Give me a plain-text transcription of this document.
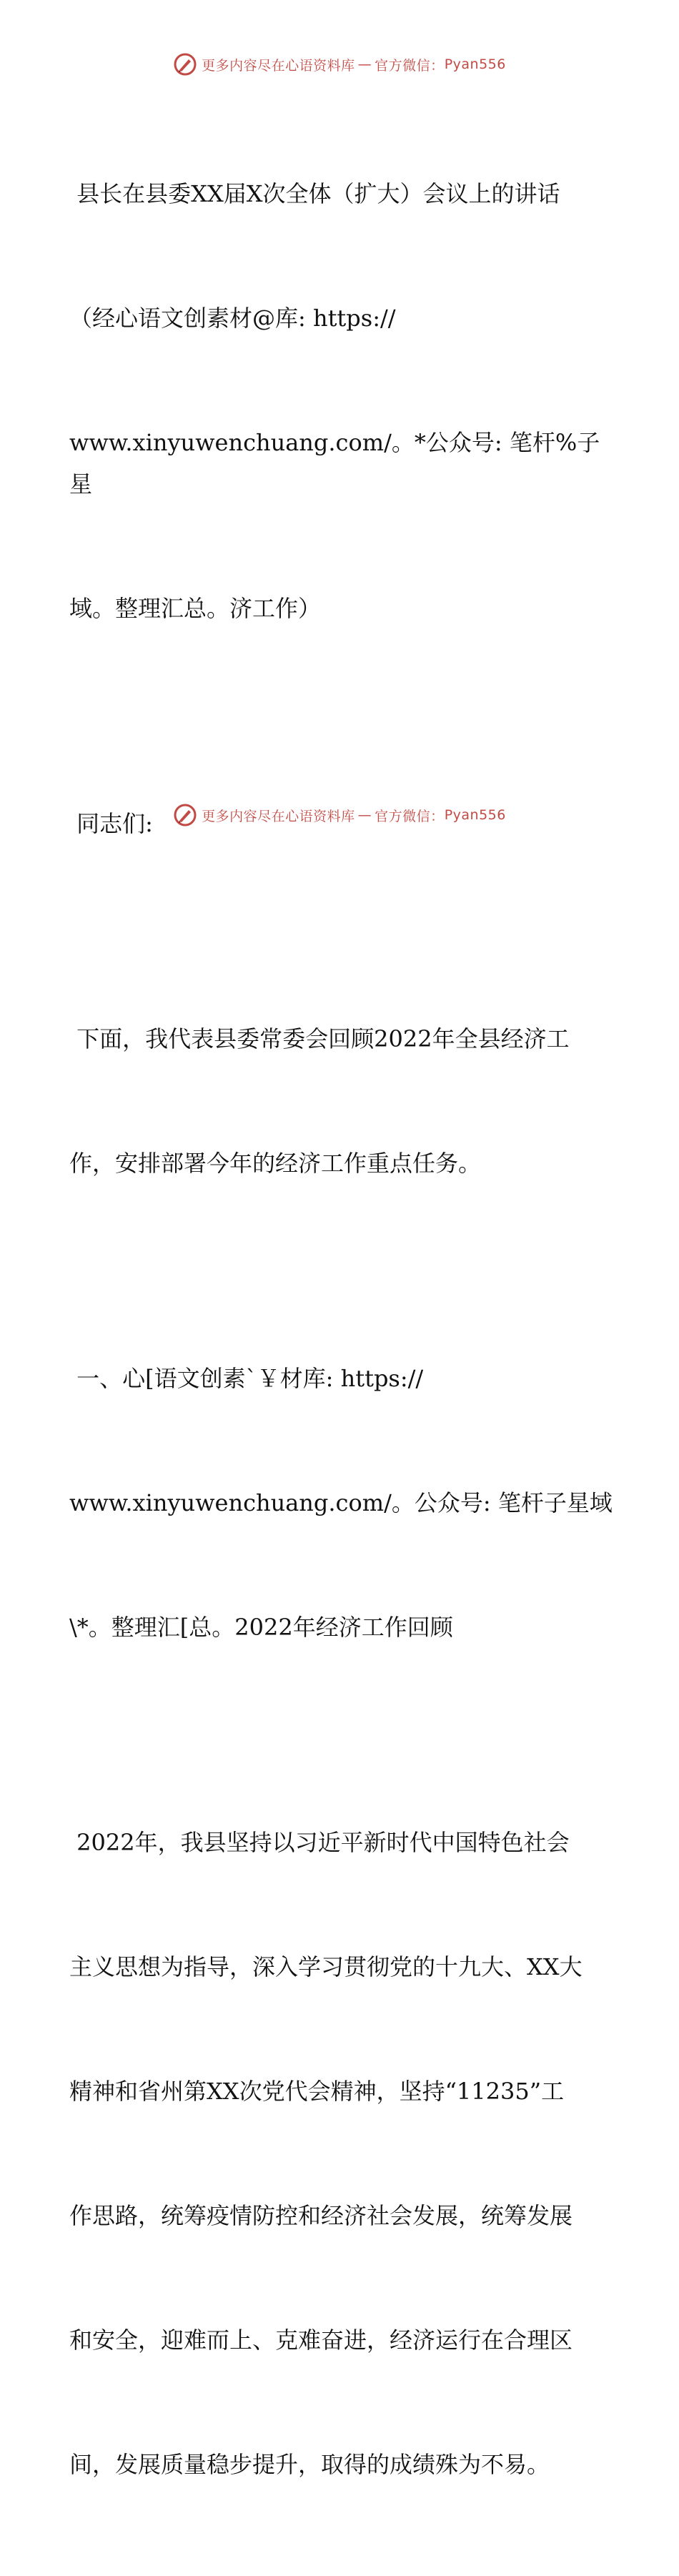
更多内容尽在心语资料库 — 官方微信： Pyan556

县长在县委XX届X次全体（扩大）会议上的讲话

（经心语文创素材@库: https://

www.xinyuwenchuang.com/。*公众号: 笔杆%子星

域。整理汇总。济工作）

同志们:

下面，我代表县委常委会回顾2022年全县经济工

作，安排部署今年的经济工作重点任务。

一、心[语文创素`￥材库: https://

www.xinyuwenchuang.com/。公众号: 笔杆子星域

\*。整理汇[总。2022年经济工作回顾

2022年，我县坚持以习近平新时代中国特色社会

主义思想为指导，深入学习贯彻党的十九大、XX大

精神和省州第XX次党代会精神，坚持“11235”工

作思路，统筹疫情防控和经济社会发展，统筹发展

和安全，迎难而上、克难奋进，经济运行在合理区

间，发展质量稳步提升，取得的成绩殊为不易。

更多内容尽在心语资料库 — 官方微信： Pyan556
